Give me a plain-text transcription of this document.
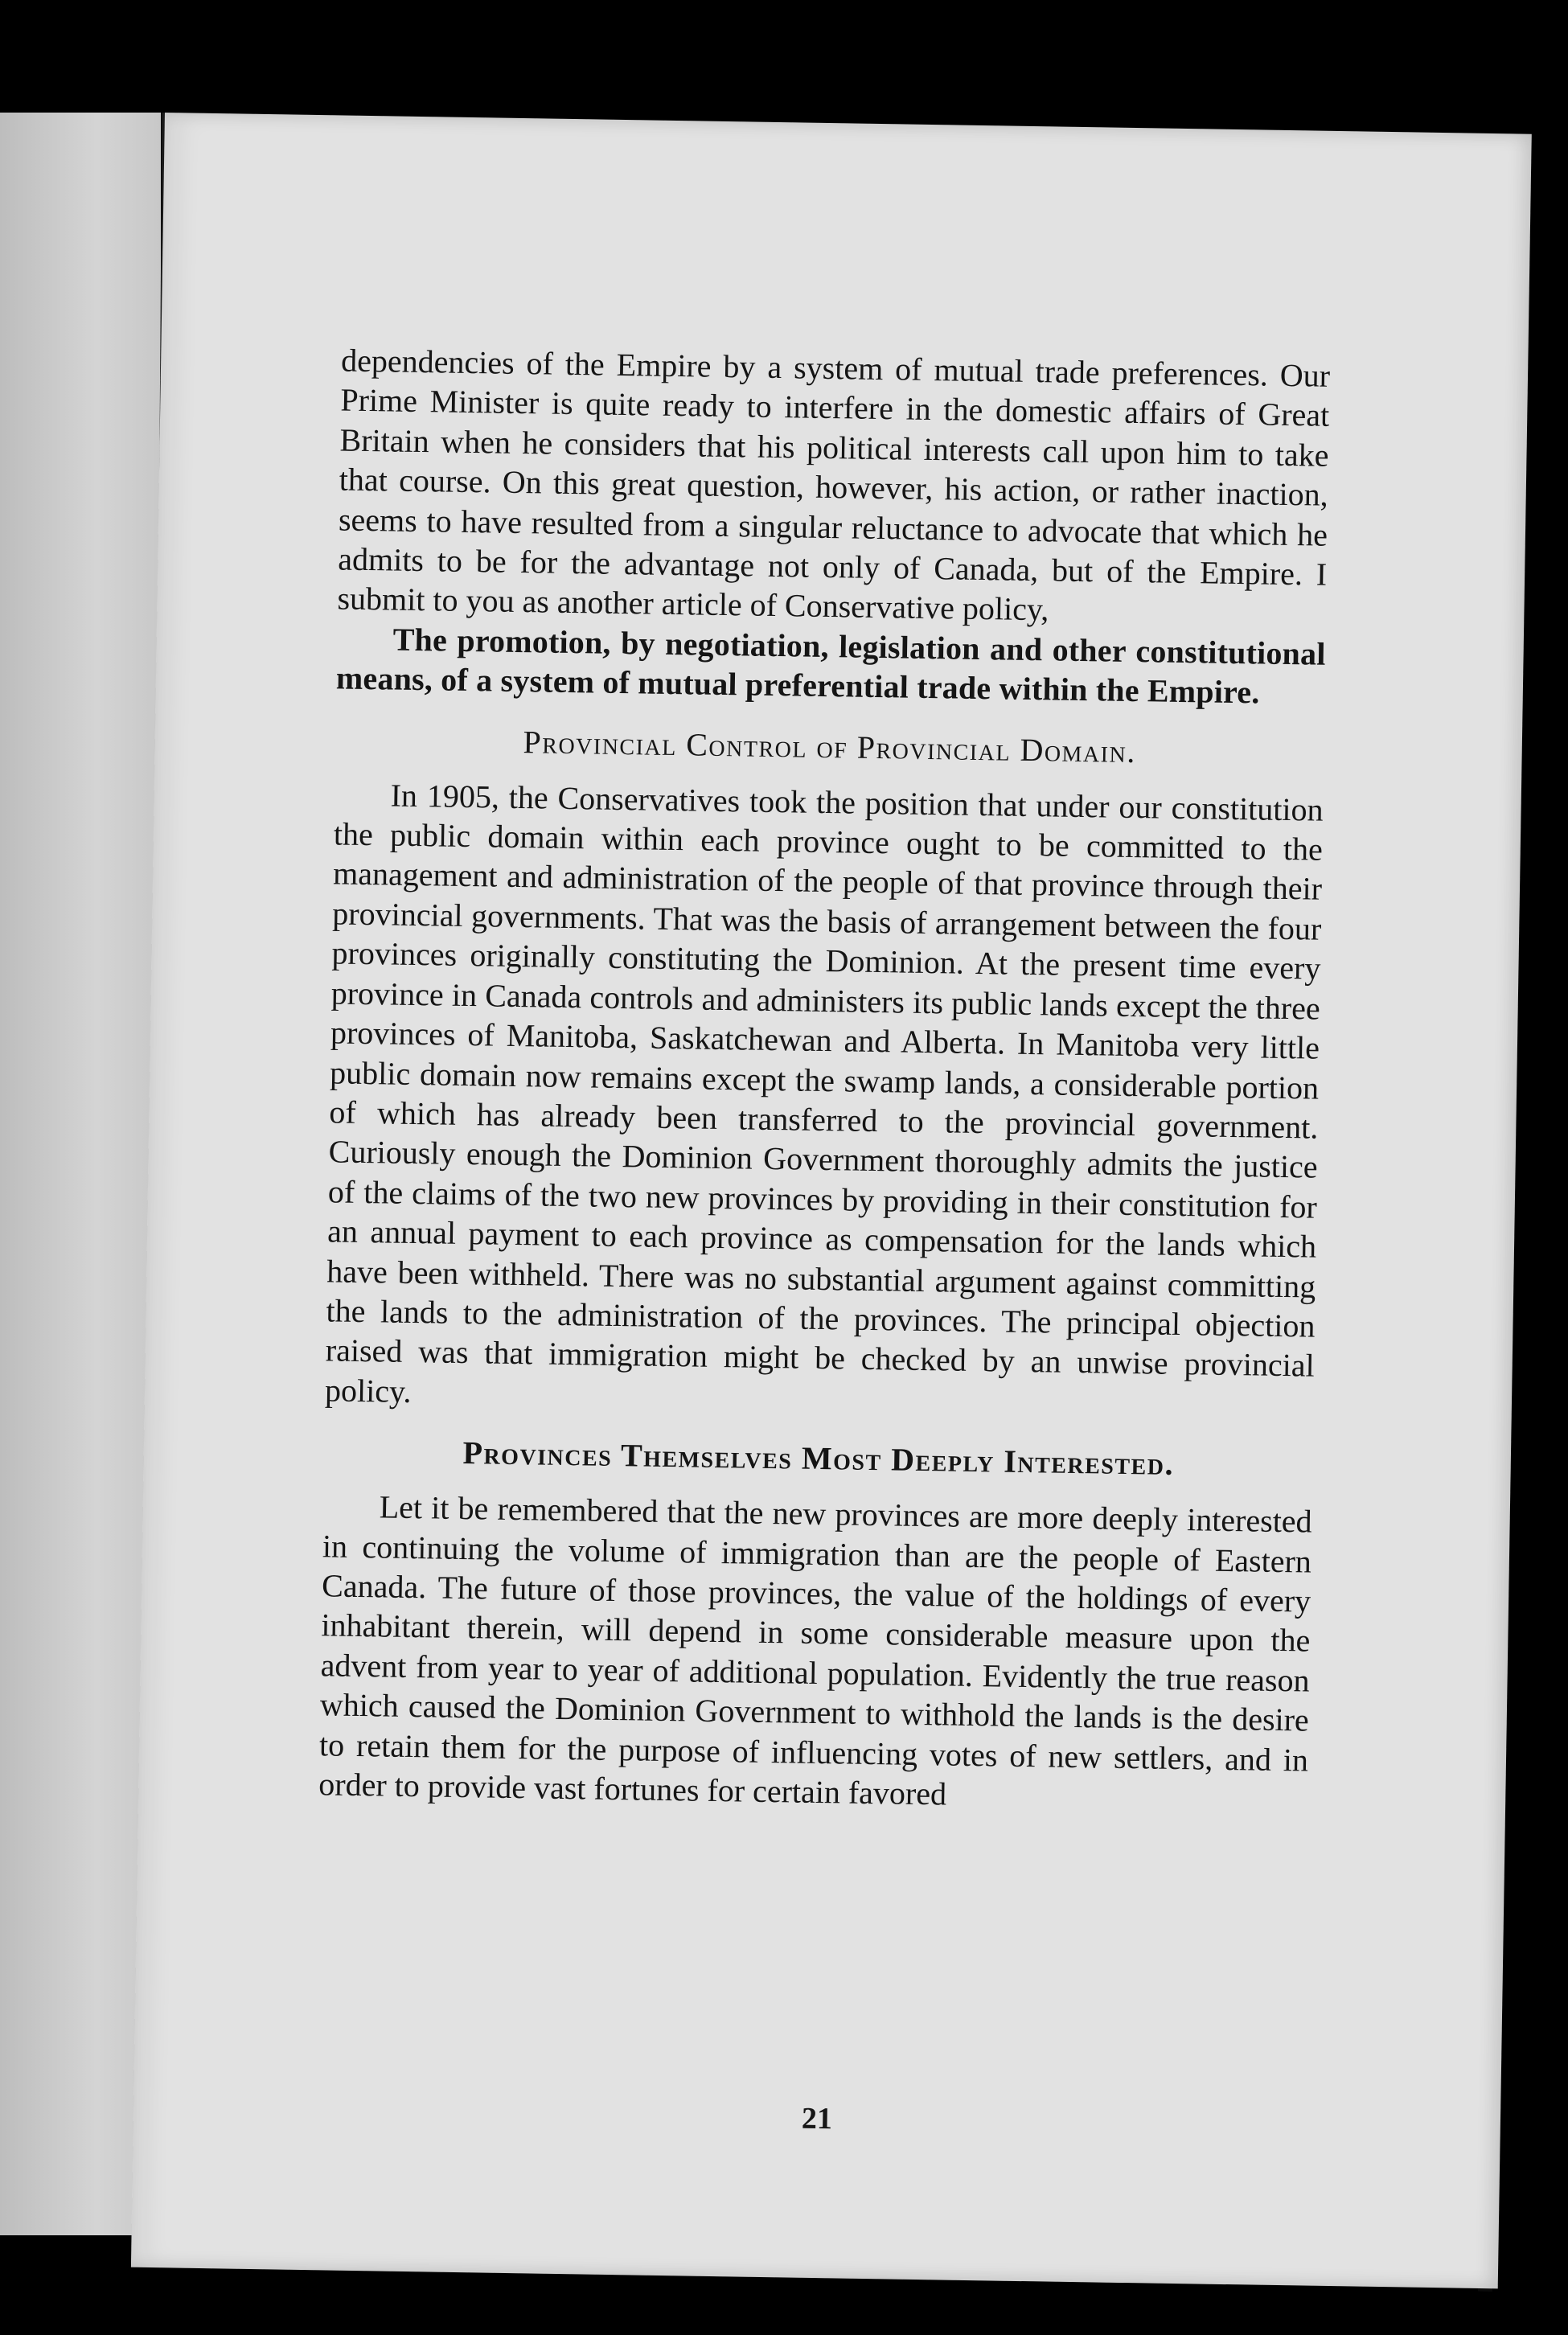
dependencies of the Empire by a system of mutual trade preferences. Our Prime Minister is quite ready to interfere in the domestic affairs of Great Britain when he considers that his political interests call upon him to take that course. On this great question, however, his action, or rather inaction, seems to have resulted from a singular reluctance to advocate that which he admits to be for the advantage not only of Canada, but of the Empire. I submit to you as another article of Conservative policy,

The promotion, by negotiation, legislation and other constitutional means, of a system of mutual preferential trade within the Empire.

Provincial Control of Provincial Domain.

In 1905, the Conservatives took the position that under our constitution the public domain within each province ought to be committed to the management and administration of the people of that province through their provincial governments. That was the basis of arrangement between the four provinces originally constituting the Dominion. At the present time every province in Canada controls and administers its public lands except the three provinces of Manitoba, Saskatchewan and Alberta. In Manitoba very little public domain now remains except the swamp lands, a considerable portion of which has already been transferred to the provincial government. Curiously enough the Dominion Government thoroughly admits the justice of the claims of the two new provinces by providing in their constitution for an annual payment to each province as compensation for the lands which have been withheld. There was no substantial argument against committing the lands to the administration of the provinces. The principal objection raised was that immigration might be checked by an unwise provincial policy.

Provinces Themselves Most Deeply Interested.

Let it be remembered that the new provinces are more deeply interested in continuing the volume of immigration than are the people of Eastern Canada. The future of those provinces, the value of the holdings of every inhabitant therein, will depend in some considerable measure upon the advent from year to year of additional population. Evidently the true reason which caused the Dominion Government to withhold the lands is the desire to retain them for the purpose of influencing votes of new settlers, and in order to provide vast fortunes for certain favored

21
